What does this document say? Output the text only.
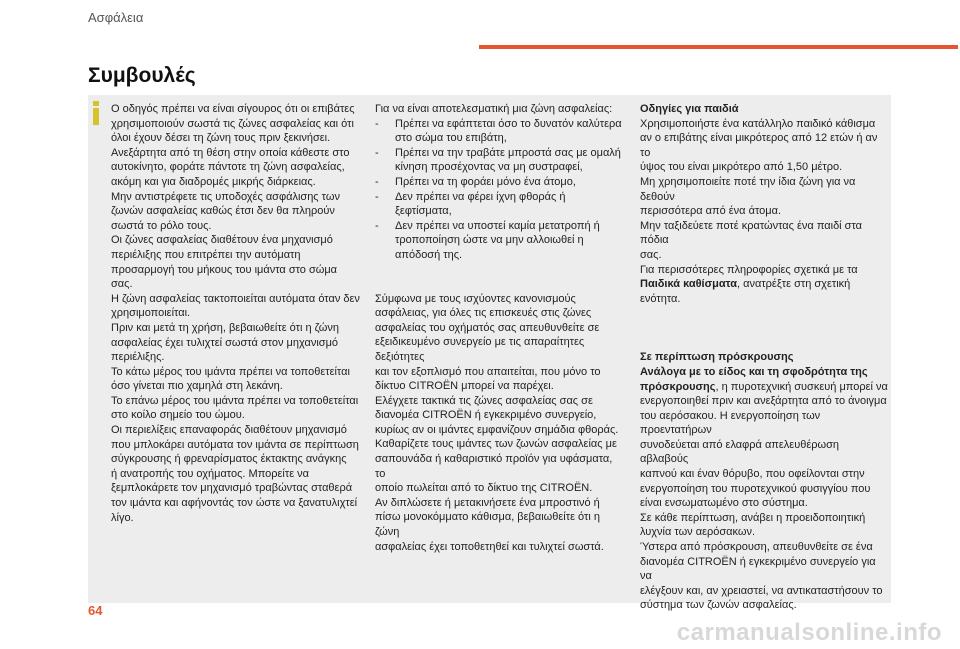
Ασφάλεια
Συμβουλές

Ο οδηγός πρέπει να είναι σίγουρος ότι οι επιβάτες

χρησιμοποιούν σωστά τις ζώνες ασφαλείας και ότι

όλοι έχουν δέσει τη ζώνη τους πριν ξεκινήσει.

Ανεξάρτητα από τη θέση στην οποία κάθεστε στο

αυτοκίνητο, φοράτε πάντοτε τη ζώνη ασφαλείας,

ακόμη και για διαδρομές μικρής διάρκειας.

Μην αντιστρέφετε τις υποδοχές ασφάλισης των

ζωνών ασφαλείας καθώς έτσι δεν θα πληρούν

σωστά το ρόλο τους.

Οι ζώνες ασφαλείας διαθέτουν ένα μηχανισμό

περιέλιξης που επιτρέπει την αυτόματη

προσαρμογή του μήκους του ιμάντα στο σώμα σας.

Η ζώνη ασφαλείας τακτοποιείται αυτόματα όταν δεν

χρησιμοποιείται.

Πριν και μετά τη χρήση, βεβαιωθείτε ότι η ζώνη

ασφαλείας έχει τυλιχτεί σωστά στον μηχανισμό

περιέλιξης.

Το κάτω μέρος του ιμάντα πρέπει να τοποθετείται

όσο γίνεται πιο χαμηλά στη λεκάνη.

Το επάνω μέρος του ιμάντα πρέπει να τοποθετείται

στο κοίλο σημείο του ώμου.

Οι περιελίξεις επαναφοράς διαθέτουν μηχανισμό

που μπλοκάρει αυτόματα τον ιμάντα σε περίπτωση

σύγκρουσης ή φρεναρίσματος έκτακτης ανάγκης

ή ανατροπής του οχήματος. Μπορείτε να

ξεμπλοκάρετε τον μηχανισμό τραβώντας σταθερά

τον ιμάντα και αφήνοντάς τον ώστε να ξανατυλιχτεί

λίγο.

Για να είναι αποτελεσματική μια ζώνη ασφαλείας:

- Πρέπει να εφάπτεται όσο το δυνατόν καλύτερα στο σώμα του επιβάτη,
- Πρέπει να την τραβάτε μπροστά σας με ομαλή κίνηση προσέχοντας να μη συστραφεί,
- Πρέπει να τη φοράει μόνο ένα άτομο,
- Δεν πρέπει να φέρει ίχνη φθοράς ή ξεφτίσματα,
- Δεν πρέπει να υποστεί καμία μετατροπή ή τροποποίηση ώστε να μην αλλοιωθεί η απόδοσή της.

Σύμφωνα με τους ισχύοντες κανονισμούς

ασφάλειας, για όλες τις επισκευές στις ζώνες

ασφαλείας του οχήματός σας απευθυνθείτε σε

εξειδικευμένο συνεργείο με τις απαραίτητες δεξιότητες

και τον εξοπλισμό που απαιτείται, που μόνο το

δίκτυο CITROËN μπορεί να παρέχει.

Ελέγχετε τακτικά τις ζώνες ασφαλείας σας σε

διανομέα CITROËN ή εγκεκριμένο συνεργείο,

κυρίως αν οι ιμάντες εμφανίζουν σημάδια φθοράς.

Καθαρίζετε τους ιμάντες των ζωνών ασφαλείας με

σαπουνάδα ή καθαριστικό προϊόν για υφάσματα, το

οποίο πωλείται από το δίκτυο της CITROËN.

Αν διπλώσετε ή μετακινήσετε ένα μπροστινό ή

πίσω μονοκόμματο κάθισμα, βεβαιωθείτε ότι η ζώνη

ασφαλείας έχει τοποθετηθεί και τυλιχτεί σωστά.

Οδηγίες για παιδιά

Χρησιμοποιήστε ένα κατάλληλο παιδικό κάθισμα

αν ο επιβάτης είναι μικρότερος από 12 ετών ή αν το

ύψος του είναι μικρότερο από 1,50 μέτρο.

Μη χρησιμοποιείτε ποτέ την ίδια ζώνη για να δεθούν

περισσότερα από ένα άτομα.

Μην ταξιδεύετε ποτέ κρατώντας ένα παιδί στα πόδια

σας.

Για περισσότερες πληροφορίες σχετικά με τα
Παιδικά καθίσματα, ανατρέξτε στη σχετική ενότητα.

Σε περίπτωση πρόσκρουσης

Ανάλογα με το είδος και τη σφοδρότητα της
πρόσκρουσης, η πυροτεχνική συσκευή μπορεί να

ενεργοποιηθεί πριν και ανεξάρτητα από το άνοιγμα

του αερόσακου. Η ενεργοποίηση των προεντατήρων

συνοδεύεται από ελαφρά απελευθέρωση αβλαβούς

καπνού και έναν θόρυβο, που οφείλονται στην

ενεργοποίηση του πυροτεχνικού φυσιγγίου που

είναι ενσωματωμένο στο σύστημα.

Σε κάθε περίπτωση, ανάβει η προειδοποιητική

λυχνία των αερόσακων.

Ύστερα από πρόσκρουση, απευθυνθείτε σε ένα

διανομέα CITROËN ή εγκεκριμένο συνεργείο για να

ελέγξουν και, αν χρειαστεί, να αντικαταστήσουν το

σύστημα των ζωνών ασφαλείας.

64
carmanualsonline.info
